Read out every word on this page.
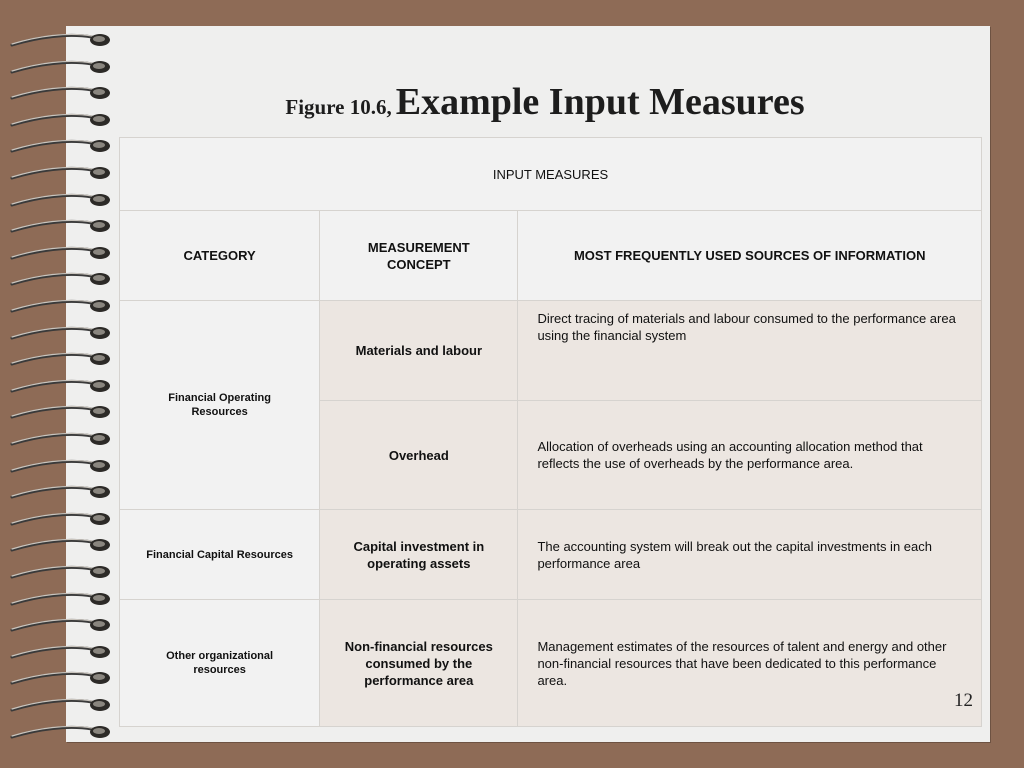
Figure 10.6, Example Input Measures
INPUT MEASURES		
CATEGORY	MEASUREMENT CONCEPT	MOST FREQUENTLY USED SOURCES OF INFORMATION
Financial Operating Resources	Materials and labour	Direct tracing of materials and labour consumed to the performance area using the financial system
	Overhead	Allocation of overheads using an accounting allocation method that reflects the use of overheads by the performance area.
Financial Capital Resources	Capital investment in operating assets	The accounting system will break out the capital investments in each performance area
Other organizational resources	Non-financial resources consumed by the performance area	Management estimates of the resources of talent and energy and other non-financial resources that have been dedicated to this performance area.
12
